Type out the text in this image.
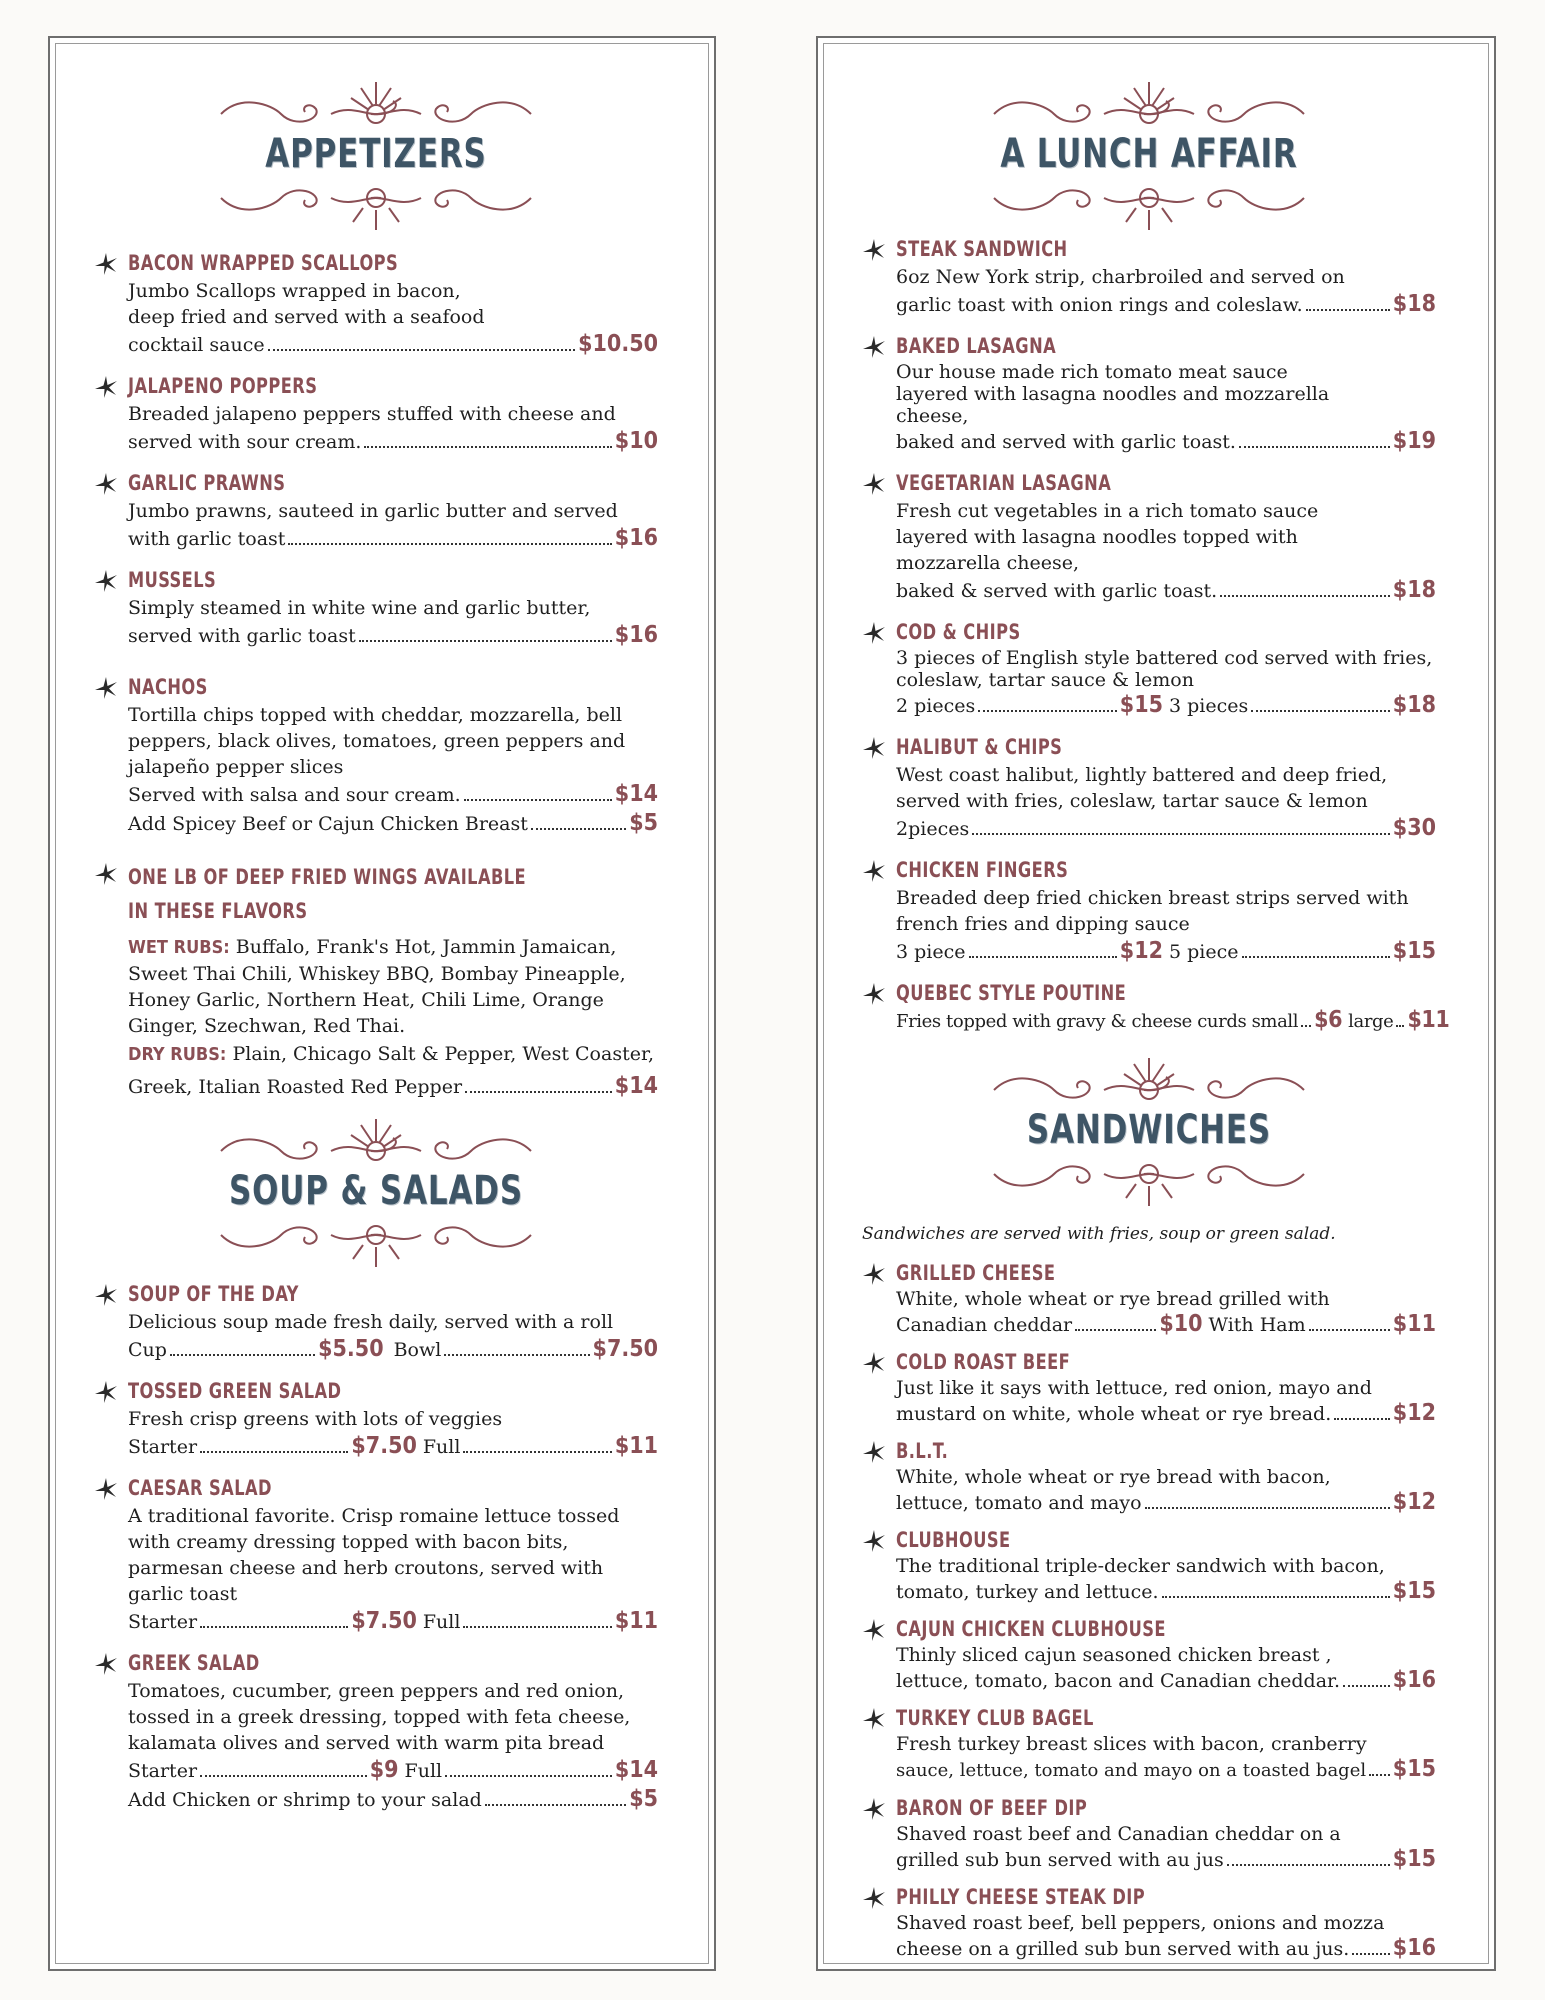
APPETIZERS
BACON WRAPPED SCALLOPS
Jumbo Scallops wrapped in bacon, deep fried and served with a seafood
cocktail sauce	$10.50
JALAPENO POPPERS
Breaded jalapeno peppers stuffed with cheese and
served with sour cream.	$10
GARLIC PRAWNS
Jumbo prawns, sauteed in garlic butter and served
with garlic toast	$16
MUSSELS
Simply steamed in white wine and garlic butter,
served with garlic toast	$16
NACHOS
Tortilla chips topped with cheddar, mozzarella, bell peppers, black olives, tomatoes, green peppers and jalapeño pepper slices
Served with salsa and sour cream.	$14
Add Spicey Beef or Cajun Chicken Breast	$5
ONE LB OF DEEP FRIED WINGS AVAILABLE IN THESE FLAVORS
WET RUBS: Buffalo, Frank's Hot, Jammin Jamaican, Sweet Thai Chili, Whiskey BBQ, Bombay Pineapple, Honey Garlic, Northern Heat, Chili Lime, Orange Ginger, Szechwan, Red Thai.
DRY RUBS: Plain, Chicago Salt & Pepper, West Coaster,
Greek, Italian Roasted Red Pepper	$14
SOUP & SALADS
SOUP OF THE DAY
Delicious soup made fresh daily, served with a roll
Cup	$5.50 Bowl	$7.50
TOSSED GREEN SALAD
Fresh crisp greens with lots of veggies
Starter	$7.50 Full	$11
CAESAR SALAD
A traditional favorite. Crisp romaine lettuce tossed with creamy dressing topped with bacon bits, parmesan cheese and herb croutons, served with garlic toast
Starter	$7.50 Full	$11
GREEK SALAD
Tomatoes, cucumber, green peppers and red onion, tossed in a greek dressing, topped with feta cheese, kalamata olives and served with warm pita bread
Starter	$9 Full	$14
Add Chicken or shrimp to your salad	$5
A LUNCH AFFAIR
STEAK SANDWICH
6oz New York strip, charbroiled and served on
garlic toast with onion rings and coleslaw.	$18
BAKED LASAGNA
Our house made rich tomato meat sauce layered with lasagna noodles and mozzarella cheese,
baked and served with garlic toast.	$19
VEGETARIAN LASAGNA
Fresh cut vegetables in a rich tomato sauce layered with lasagna noodles topped with mozzarella cheese,
baked & served with garlic toast.	$18
COD & CHIPS
3 pieces of English style battered cod served with fries, coleslaw, tartar sauce & lemon
2 pieces	$15 3 pieces	$18
HALIBUT & CHIPS
West coast halibut, lightly battered and deep fried, served with fries, coleslaw, tartar sauce & lemon
2pieces	$30
CHICKEN FINGERS
Breaded deep fried chicken breast strips served with french fries and dipping sauce
3 piece	$12 5 piece	$15
QUEBEC STYLE POUTINE
Fries topped with gravy & cheese curds small $6 large $11
SANDWICHES
Sandwiches are served with fries, soup or green salad.
GRILLED CHEESE
White, whole wheat or rye bread grilled with
Canadian cheddar	$10 With Ham	$11
COLD ROAST BEEF
Just like it says with lettuce, red onion, mayo and
mustard on white, whole wheat or rye bread.	$12
B.L.T.
White, whole wheat or rye bread with bacon,
lettuce, tomato and mayo	$12
CLUBHOUSE
The traditional triple-decker sandwich with bacon,
tomato, turkey and lettuce.	$15
CAJUN CHICKEN CLUBHOUSE
Thinly sliced cajun seasoned chicken breast ,
lettuce, tomato, bacon and Canadian cheddar. $16
TURKEY CLUB BAGEL
Fresh turkey breast slices with bacon, cranberry
sauce, lettuce, tomato and mayo on a toasted bagel $15
BARON OF BEEF DIP
Shaved roast beef and Canadian cheddar on a
grilled sub bun served with au jus	$15
PHILLY CHEESE STEAK DIP
Shaved roast beef, bell peppers, onions and mozza
cheese on a grilled sub bun served with au jus. $16
